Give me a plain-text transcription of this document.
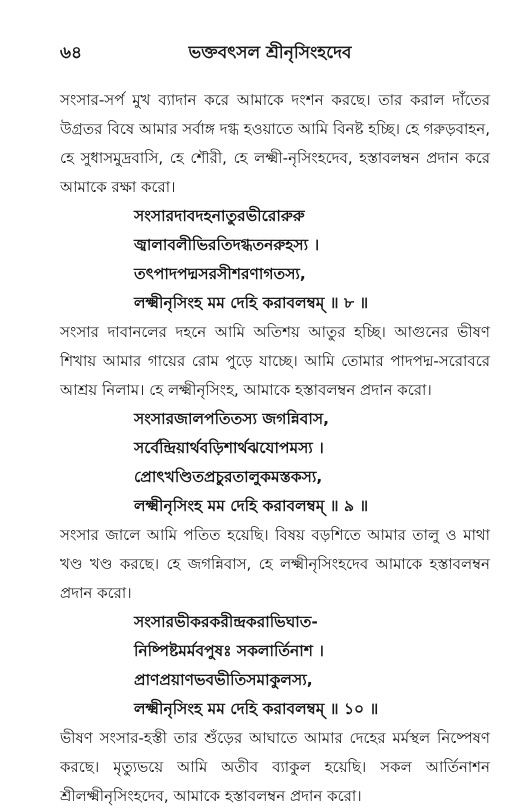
৬৪	ভক্তবৎসল শ্রীনৃসিংহদেব

সংসার-সর্প মুখ ব্যাদান করে আমাকে দংশন করছে। তার করাল দাঁতের উগ্রতর বিষে আমার সর্বাঙ্গ দগ্ধ হওয়াতে আমি বিনষ্ট হচ্ছি। হে গরুড়বাহন, হে সুধাসমুদ্রবাসি, হে শৌরী, হে লক্ষ্মী-নৃসিংহদেব, হস্তাবলম্বন প্রদান করে আমাকে রক্ষা করো।

সংসারদাবদহনাতুরভীরোরুরু
জ্বালাবলীভিরতিদগ্ধতনরুহস্য ।
তৎপাদপদ্মসরসীশরণাগতস্য,
লক্ষ্মীনৃসিংহ মম দেহি করাবলম্বম্ ॥ ৮ ॥

সংসার দাবানলের দহনে আমি অতিশয় আতুর হচ্ছি। আগুনের ভীষণ শিখায় আমার গায়ের রোম পুড়ে যাচ্ছে। আমি তোমার পাদপদ্ম-সরোবরে আশ্রয় নিলাম। হে লক্ষ্মীনৃসিংহ, আমাকে হস্তাবলম্বন প্রদান করো।

সংসারজালপতিতস্য জগন্নিবাস,
সর্বেন্দ্রিয়ার্থবড়িশার্থঝযোপমস্য ।
প্রোৎখণ্ডিতপ্রচুরতালুকমস্তকস্য,
লক্ষ্মীনৃসিংহ মম দেহি করাবলম্বম্ ॥ ৯ ॥

সংসার জালে আমি পতিত হয়েছি। বিষয় বড়শিতে আমার তালু ও মাথা খণ্ড খণ্ড করছে। হে জগন্নিবাস, হে লক্ষ্মীনৃসিংহদেব আমাকে হস্তাবলম্বন প্রদান করো।

সংসারভীকরকরীন্দ্রকরাভিঘাত-
নিষ্পিষ্টমর্মবপুষঃ সকলার্তিনাশ ।
প্রাণপ্রয়াণভবভীতিসমাকুলস্য,
লক্ষ্মীনৃসিংহ মম দেহি করাবলম্বম্ ॥ ১০ ॥

ভীষণ সংসার-হস্তী তার শুঁড়ের আঘাতে আমার দেহের মর্মস্থল নিষ্পেষণ করছে। মৃত্যুভয়ে আমি অতীব ব্যাকুল হয়েছি। সকল আর্তিনাশন শ্রীলক্ষ্মীনৃসিংহদেব, আমাকে হস্তাবলম্বন প্রদান করো।
